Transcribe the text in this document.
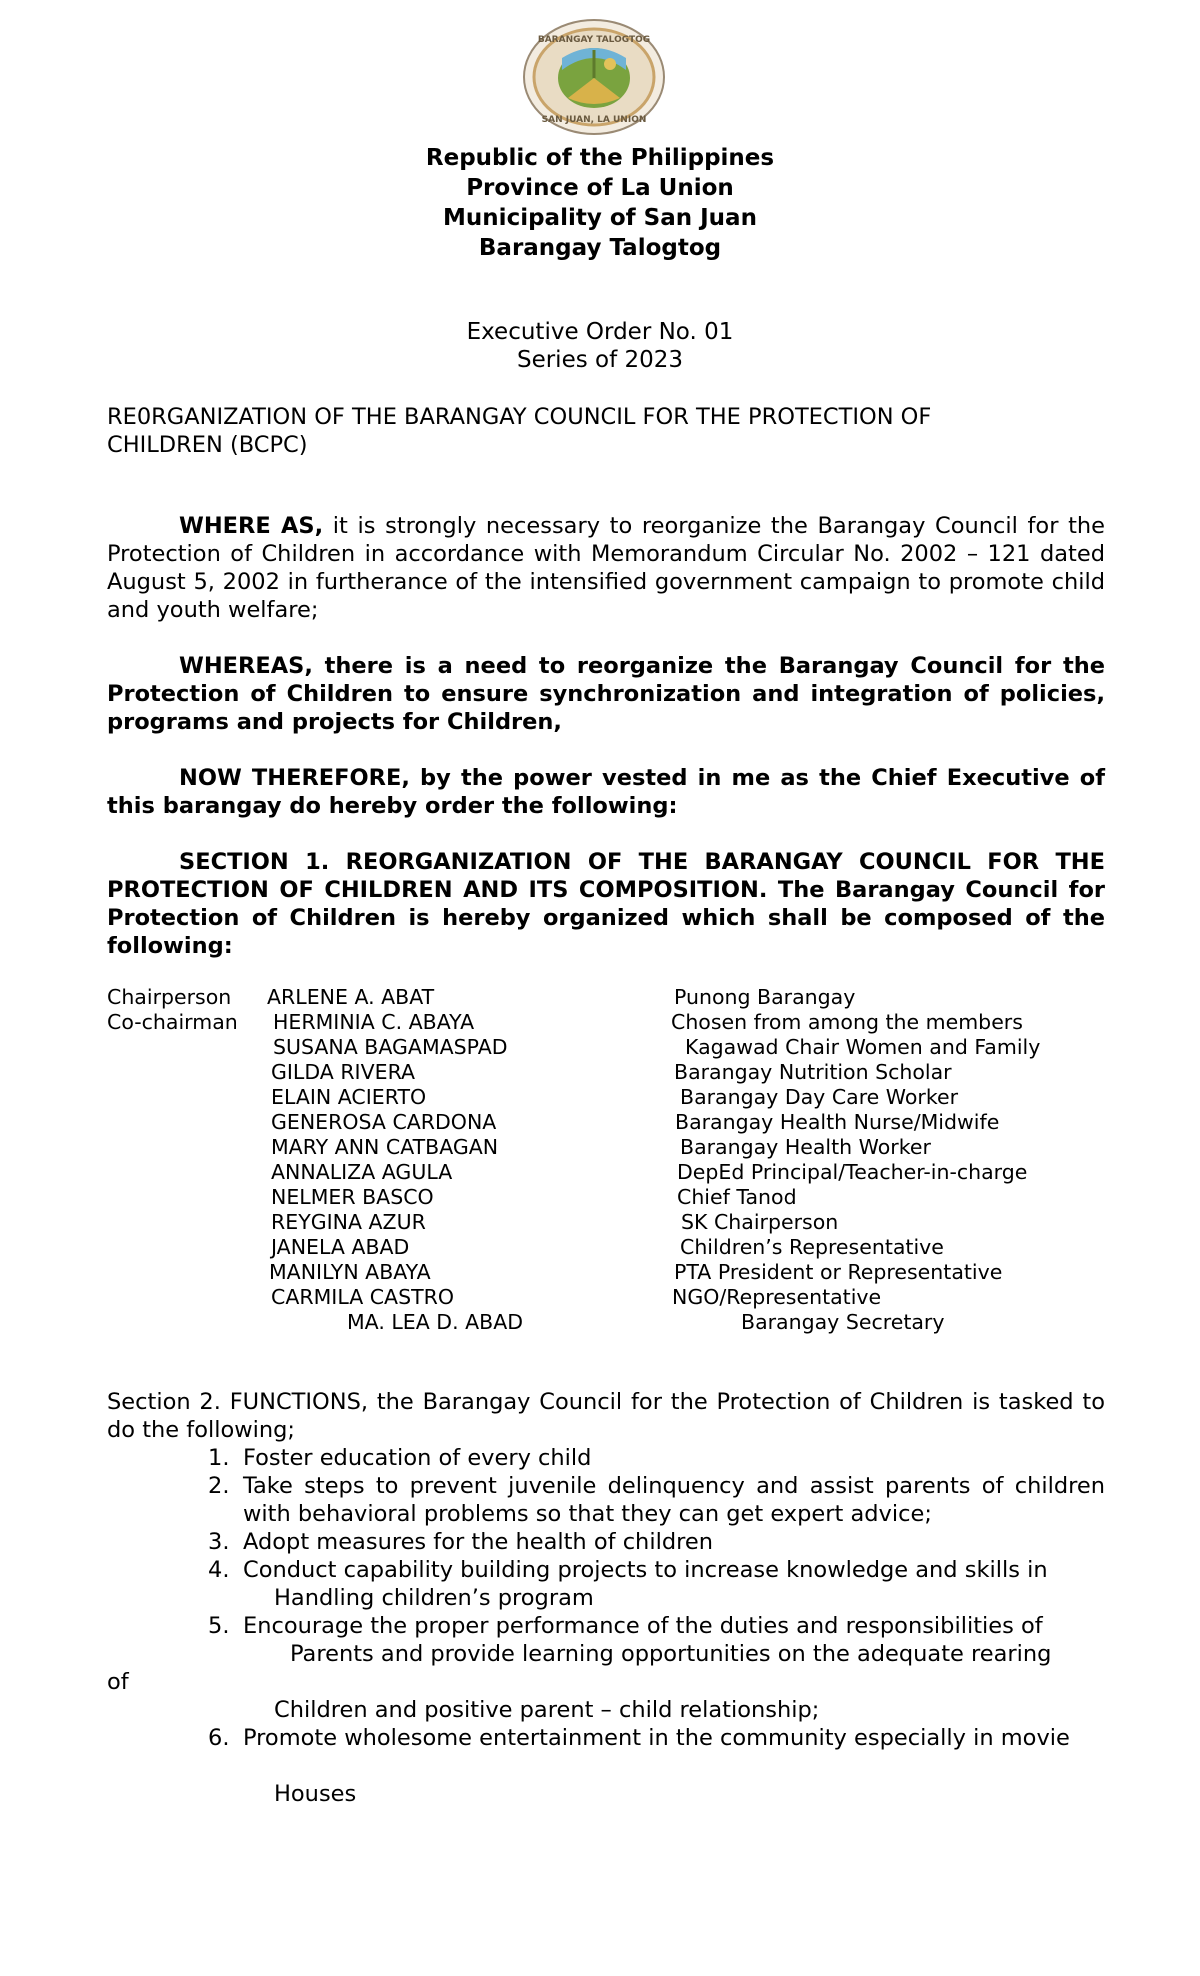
BARANGAY TALOGTOG
SAN JUAN, LA UNION
Republic of the Philippines
Province of La Union
Municipality of San Juan
Barangay Talogtog
Executive Order No. 01
Series of 2023
RE0RGANIZATION OF THE BARANGAY COUNCIL FOR THE PROTECTION OF
CHILDREN (BCPC)
WHERE AS, it is strongly necessary to reorganize the Barangay Council for the Protection of Children in accordance with Memorandum Circular No. 2002 – 121 dated August 5, 2002 in furtherance of the intensified government campaign to promote child and youth welfare;
WHEREAS, there is a need to reorganize the Barangay Council for the Protection of Children to ensure synchronization and integration of policies, programs and projects for Children,
NOW THEREFORE, by the power vested in me as the Chief Executive of this barangay do hereby order the following:
SECTION 1. REORGANIZATION OF THE BARANGAY COUNCIL FOR THE PROTECTION OF CHILDREN AND ITS COMPOSITION. The Barangay Council for Protection of Children is hereby organized which shall be composed of the following:
Chairperson ARLENE A. ABAT	Punong Barangay
Co-chairman HERMINIA C. ABAYA	Chosen from among the members
SUSANA BAGAMASPAD	Kagawad Chair Women and Family
GILDA RIVERA	Barangay Nutrition Scholar
ELAIN ACIERTO	Barangay Day Care Worker
GENEROSA CARDONA	Barangay Health Nurse/Midwife
MARY ANN CATBAGAN	Barangay Health Worker
ANNALIZA AGULA	DepEd Principal/Teacher-in-charge
NELMER BASCO	Chief Tanod
REYGINA AZUR	SK Chairperson
JANELA ABAD	Children’s Representative
MANILYN ABAYA	PTA President or Representative
CARMILA CASTRO	NGO/Representative
MA. LEA D. ABAD	Barangay Secretary
Section 2. FUNCTIONS, the Barangay Council for the Protection of Children is tasked to do the following;
1. Foster education of every child
2. Take steps to prevent juvenile delinquency and assist parents of children with behavioral problems so that they can get expert advice;
3. Adopt measures for the health of children
4. Conduct capability building projects to increase knowledge and skills in
Handling children’s program
5. Encourage the proper performance of the duties and responsibilities of
Parents and provide learning opportunities on the adequate rearing
of
Children and positive parent – child relationship;
6. Promote wholesome entertainment in the community especially in movie
Houses
